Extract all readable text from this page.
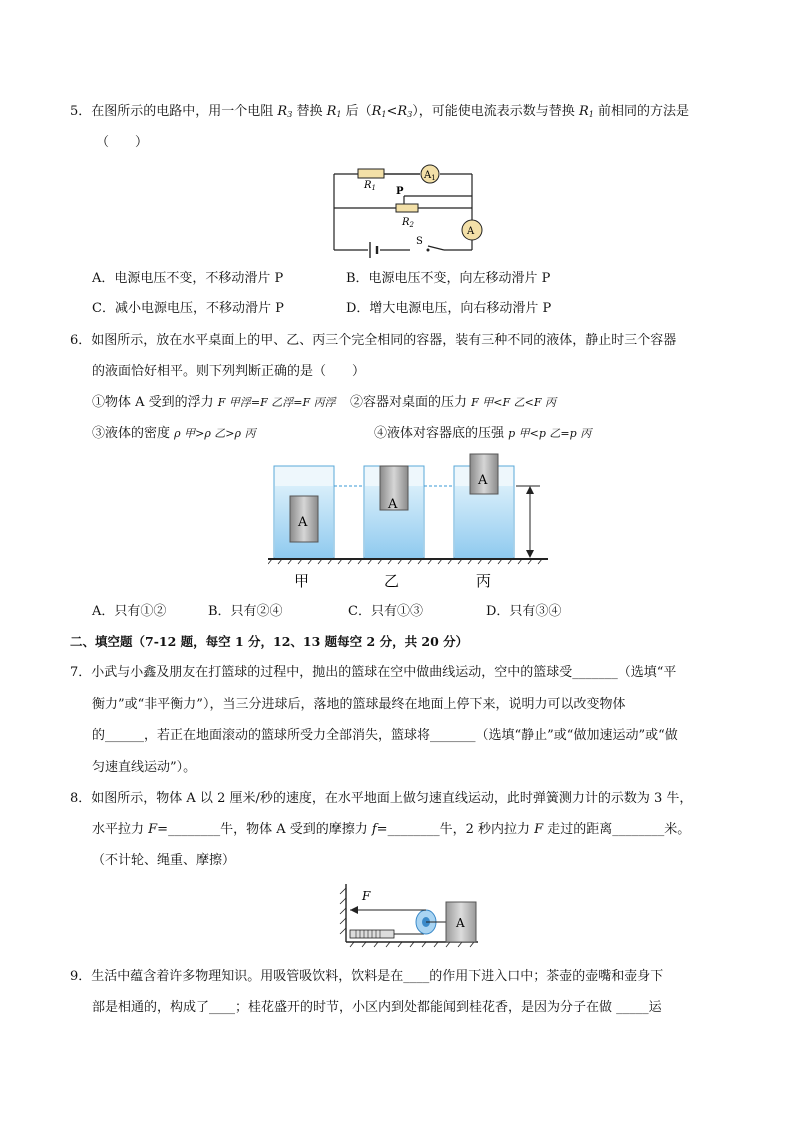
5．在图所示的电路中，用一个电阻 $R_3$ 替换 $R_1$ 后$(R_1<R_3)$，可能使电流表示数与替换 $R_1$ 前相同的方法是
（　　）
$A_1$
$R_1$ P
$R_2$
A
S
A．电源电压不变，不移动滑片 P	B．电源电压不变，向左移动滑片 P
C．减小电源电压，不移动滑片 P	D．增大电源电压，向右移动滑片 P
6．如图所示，放在水平桌面上的甲、乙、丙三个完全相同的容器，装有三种不同的液体，静止时三个容器
的液面恰好相平。则下列判断正确的是（　　）
①物体 A 受到的浮力 F 甲浮=F 乙浮=F 丙浮 ②容器对桌面的压力 F 甲<F 乙<F 丙
③液体的密度 ρ 甲>ρ 乙>ρ 丙	④液体对容器底的压强 p 甲<p 乙=p 丙
A
A
A
甲	乙	丙
A．只有①②	B．只有②④	C．只有①③	D．只有③④
二、填空题（7-12 题，每空 1 分，12、13 题每空 2 分，共 20 分）
7．小武与小鑫及朋友在打篮球的过程中，抛出的篮球在空中做曲线运动，空中的篮球受_______（选填“平
衡力”或“非平衡力”），当三分进球后，落地的篮球最终在地面上停下来，说明力可以改变物体
的______，若正在地面滚动的篮球所受力全部消失，篮球将_______（选填“静止”或“做加速运动”或“做
匀速直线运动”）。
8．如图所示，物体 A 以 2 厘米/秒的速度，在水平地面上做匀速直线运动，此时弹簧测力计的示数为 3 牛，
水平拉力 F=________牛，物体 A 受到的摩擦力 f=________牛，2 秒内拉力 F 走过的距离________米。
（不计轮、绳重、摩擦）
F
A
9．生活中蕴含着许多物理知识。用吸管吸饮料，饮料是在____的作用下进入口中；茶壶的壶嘴和壶身下
部是相通的，构成了____；桂花盛开的时节，小区内到处都能闻到桂花香，是因为分子在做 _____运
